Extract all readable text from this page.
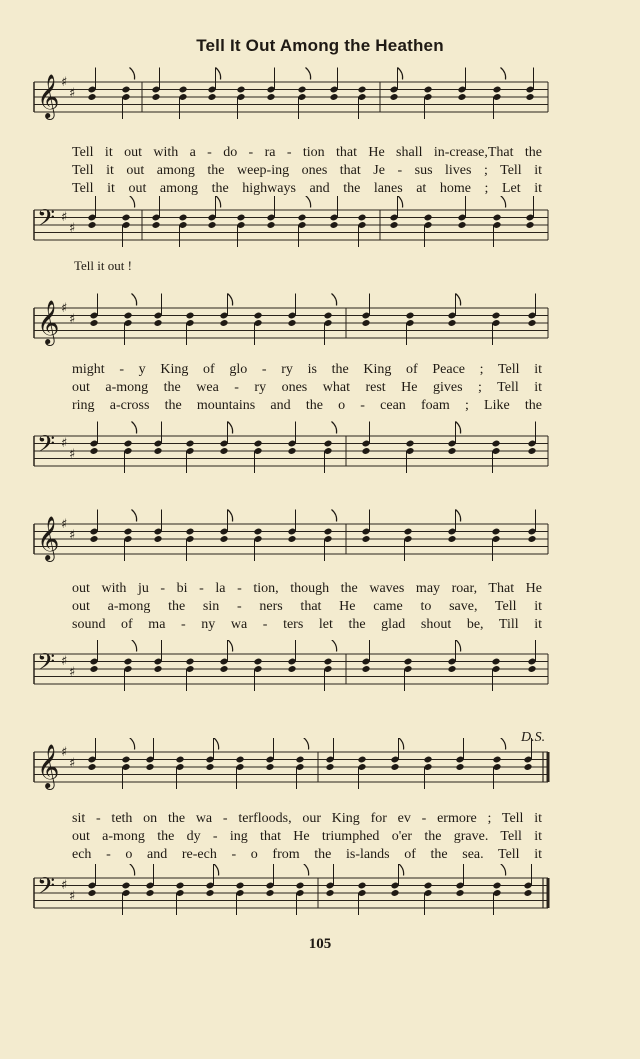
Tell It Out Among the Heathen
𝄞 ♯
♯
Tell it out with a - do - ra - tion that He shall in-crease,That the
Tell it out among the weep-ing ones that Je - sus lives ; Tell it
Tell it out among the highways and the lanes at home ; Let it
𝄢 ♯
♯
Tell it out !
𝄞 ♯
♯
might - y King of glo - ry is the King of Peace ; Tell it
out a-mong the wea - ry ones what rest He gives ; Tell it
ring a-cross the mountains and the o - cean foam ; Like the
𝄢 ♯
♯
𝄞 ♯
♯
out with ju - bi - la - tion, though the waves may roar, That He
out a-mong the sin - ners that He came to save, Tell it
sound of ma - ny wa - ters let the glad shout be, Till it
𝄢 ♯
♯
D.S.
𝄞 ♯
♯
sit - teth on the wa - terfloods, our King for ev - ermore ; Tell it
out a-mong the dy - ing that He triumphed o'er the grave. Tell it
ech - o and re-ech - o from the is-lands of the sea. Tell it
𝄢 ♯
♯
105
